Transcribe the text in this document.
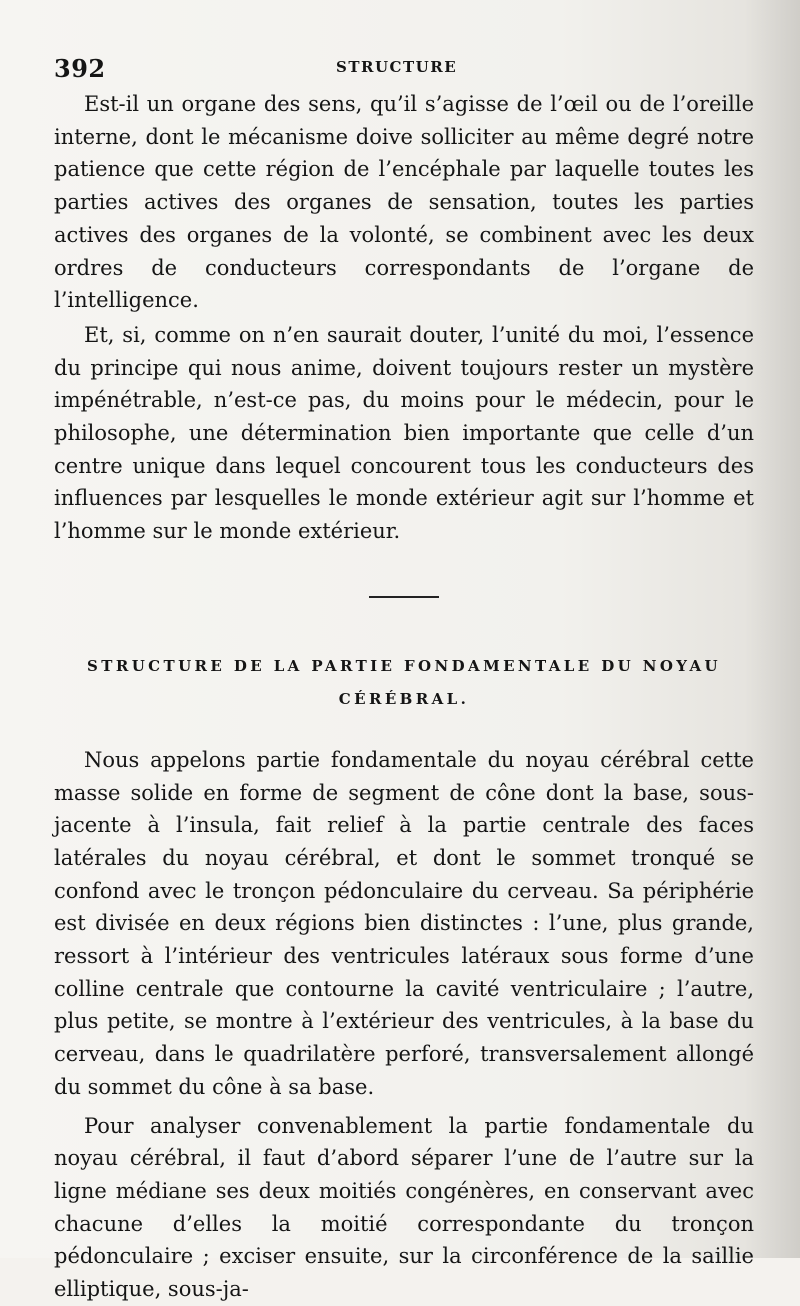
392	STRUCTURE

Est-il un organe des sens, qu’il s’agisse de l’œil ou de l’oreille interne, dont le mécanisme doive solliciter au même degré notre patience que cette région de l’encéphale par laquelle toutes les parties actives des organes de sensation, toutes les parties actives des organes de la volonté, se combinent avec les deux ordres de conducteurs correspondants de l’organe de l’intelligence.

Et, si, comme on n’en saurait douter, l’unité du moi, l’essence du principe qui nous anime, doivent toujours rester un mystère impénétrable, n’est-ce pas, du moins pour le médecin, pour le philosophe, une détermination bien importante que celle d’un centre unique dans lequel concourent tous les conducteurs des influences par lesquelles le monde extérieur agit sur l’homme et l’homme sur le monde extérieur.

STRUCTURE DE LA PARTIE FONDAMENTALE DU NOYAU
CÉRÉBRAL.

Nous appelons partie fondamentale du noyau cérébral cette masse solide en forme de segment de cône dont la base, sous-jacente à l’insula, fait relief à la partie centrale des faces latérales du noyau cérébral, et dont le sommet tronqué se confond avec le tronçon pédonculaire du cerveau. Sa périphérie est divisée en deux régions bien distinctes : l’une, plus grande, ressort à l’intérieur des ventricules latéraux sous forme d’une colline centrale que contourne la cavité ventriculaire ; l’autre, plus petite, se montre à l’extérieur des ventricules, à la base du cerveau, dans le quadrilatère perforé, transversalement allongé du sommet du cône à sa base.

Pour analyser convenablement la partie fondamentale du noyau cérébral, il faut d’abord séparer l’une de l’autre sur la ligne médiane ses deux moitiés congénères, en conservant avec chacune d’elles la moitié correspondante du tronçon pédonculaire ; exciser ensuite, sur la circonférence de la saillie elliptique, sous-ja-
